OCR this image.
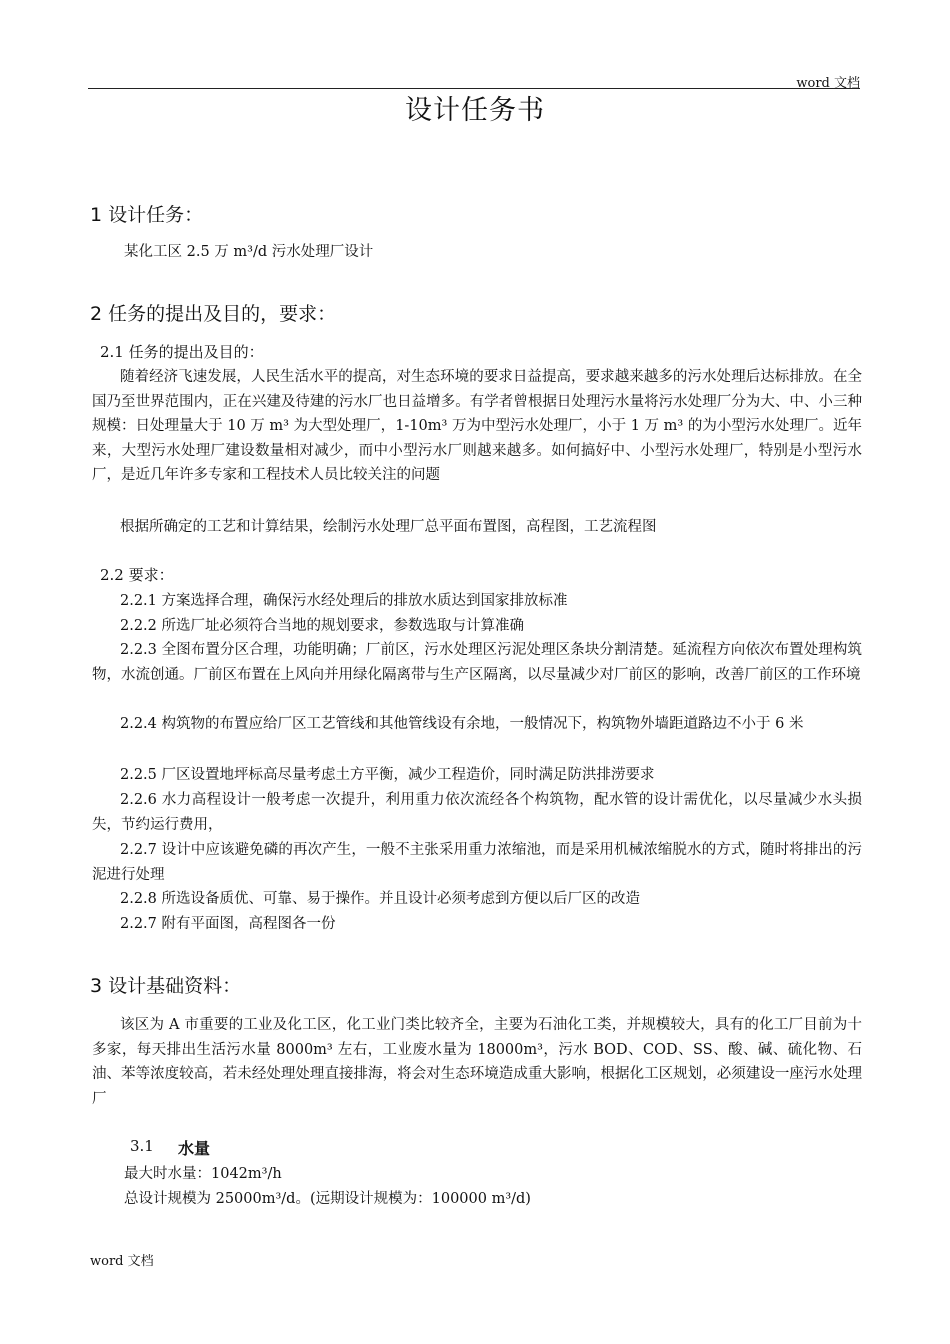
word 文档
设计任务书
1 设计任务：
某化工区 2.5 万 m³/d 污水处理厂设计
2 任务的提出及目的，要求：
2.1 任务的提出及目的：
随着经济飞速发展，人民生活水平的提高，对生态环境的要求日益提高，要求越来越多的污水处理后达标排放。在全国乃至世界范围内，正在兴建及待建的污水厂也日益增多。有学者曾根据日处理污水量将污水处理厂分为大、中、小三种规模：日处理量大于 10 万 m³ 为大型处理厂，1-10m³ 万为中型污水处理厂，小于 1 万 m³ 的为小型污水处理厂。近年来，大型污水处理厂建设数量相对减少，而中小型污水厂则越来越多。如何搞好中、小型污水处理厂，特别是小型污水厂，是近几年许多专家和工程技术人员比较关注的问题
根据所确定的工艺和计算结果，绘制污水处理厂总平面布置图，高程图，工艺流程图
2.2 要求：
2.2.1 方案选择合理，确保污水经处理后的排放水质达到国家排放标准
2.2.2 所选厂址必须符合当地的规划要求，参数选取与计算准确
2.2.3 全图布置分区合理，功能明确；厂前区，污水处理区污泥处理区条块分割清楚。延流程方向依次布置处理构筑物，水流创通。厂前区布置在上风向并用绿化隔离带与生产区隔离，以尽量减少对厂前区的影响，改善厂前区的工作环境
2.2.4 构筑物的布置应给厂区工艺管线和其他管线设有余地，一般情况下，构筑物外墙距道路边不小于 6 米
2.2.5 厂区设置地坪标高尽量考虑土方平衡，减少工程造价，同时满足防洪排涝要求
2.2.6 水力高程设计一般考虑一次提升，利用重力依次流经各个构筑物，配水管的设计需优化，以尽量减少水头损失，节约运行费用，
2.2.7 设计中应该避免磷的再次产生，一般不主张采用重力浓缩池，而是采用机械浓缩脱水的方式，随时将排出的污泥进行处理
2.2.8 所选设备质优、可靠、易于操作。并且设计必须考虑到方便以后厂区的改造
2.2.7 附有平面图，高程图各一份
3 设计基础资料：
该区为 A 市重要的工业及化工区，化工业门类比较齐全，主要为石油化工类，并规模较大，具有的化工厂目前为十多家，每天排出生活污水量 8000m³ 左右，工业废水量为 18000m³，污水 BOD、COD、SS、酸、碱、硫化物、石油、苯等浓度较高，若未经处理处理直接排海，将会对生态环境造成重大影响，根据化工区规划，必须建设一座污水处理厂
3.1 水量
最大时水量：1042m³/h
总设计规模为 25000m³/d。(远期设计规模为：100000 m³/d)
word 文档
